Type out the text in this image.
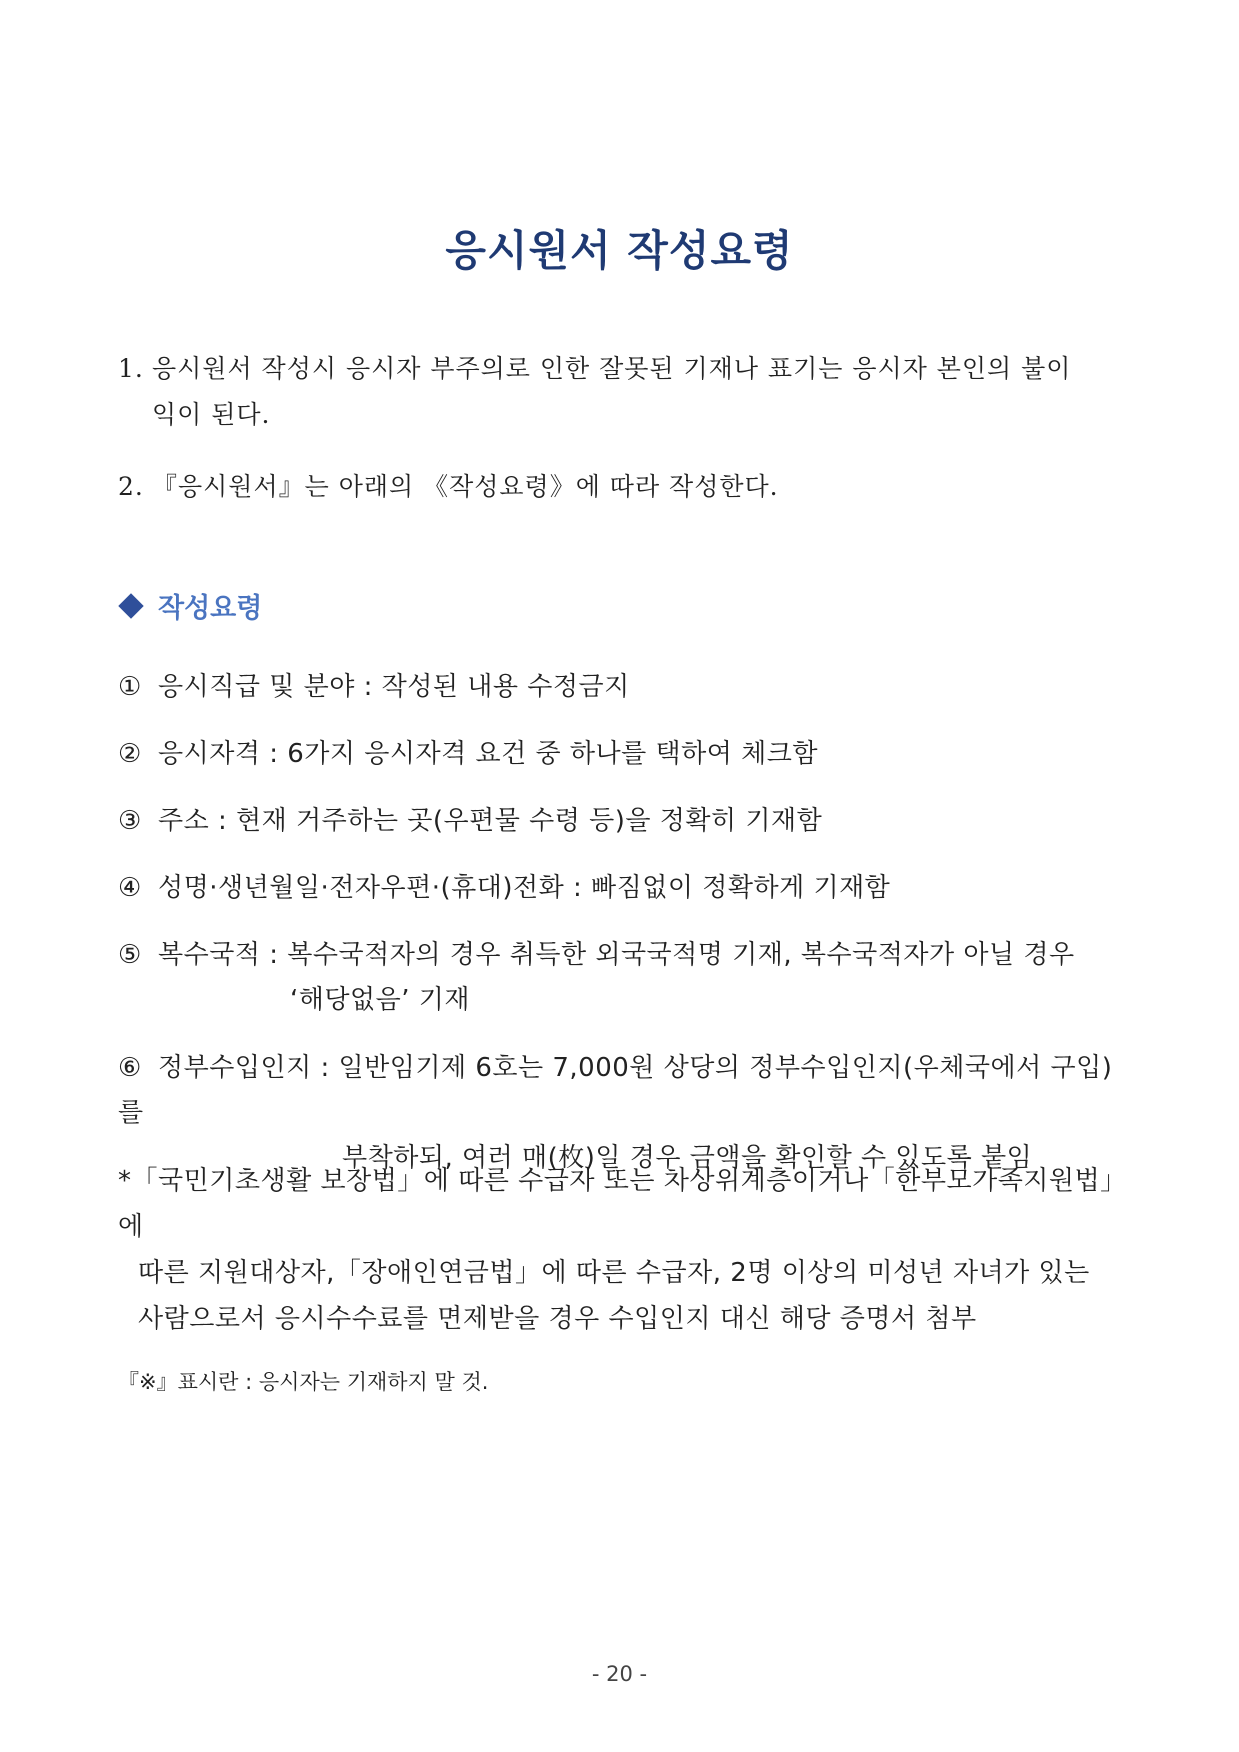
응시원서 작성요령
1. 응시원서 작성시 응시자 부주의로 인한 잘못된 기재나 표기는 응시자 본인의 불이
익이 된다.
2. 『응시원서』는 아래의 《작성요령》에 따라 작성한다.
작성요령
① 응시직급 및 분야 : 작성된 내용 수정금지
② 응시자격 : 6가지 응시자격 요건 중 하나를 택하여 체크함
③ 주소 : 현재 거주하는 곳(우편물 수령 등)을 정확히 기재함
④ 성명·생년월일·전자우편·(휴대)전화 : 빠짐없이 정확하게 기재함
⑤ 복수국적 : 복수국적자의 경우 취득한 외국국적명 기재, 복수국적자가 아닐 경우
‘해당없음’ 기재
⑥ 정부수입인지 : 일반임기제 6호는 7,000원 상당의 정부수입인지(우체국에서 구입)를
부착하되, 여러 매(枚)일 경우 금액을 확인할 수 있도록 붙임
*「국민기초생활 보장법」에 따른 수급자 또는 차상위계층이거나「한부모가족지원법」에
따른 지원대상자,「장애인연금법」에 따른 수급자, 2명 이상의 미성년 자녀가 있는
사람으로서 응시수수료를 면제받을 경우 수입인지 대신 해당 증명서 첨부
『※』표시란 : 응시자는 기재하지 말 것.
- 20 -
